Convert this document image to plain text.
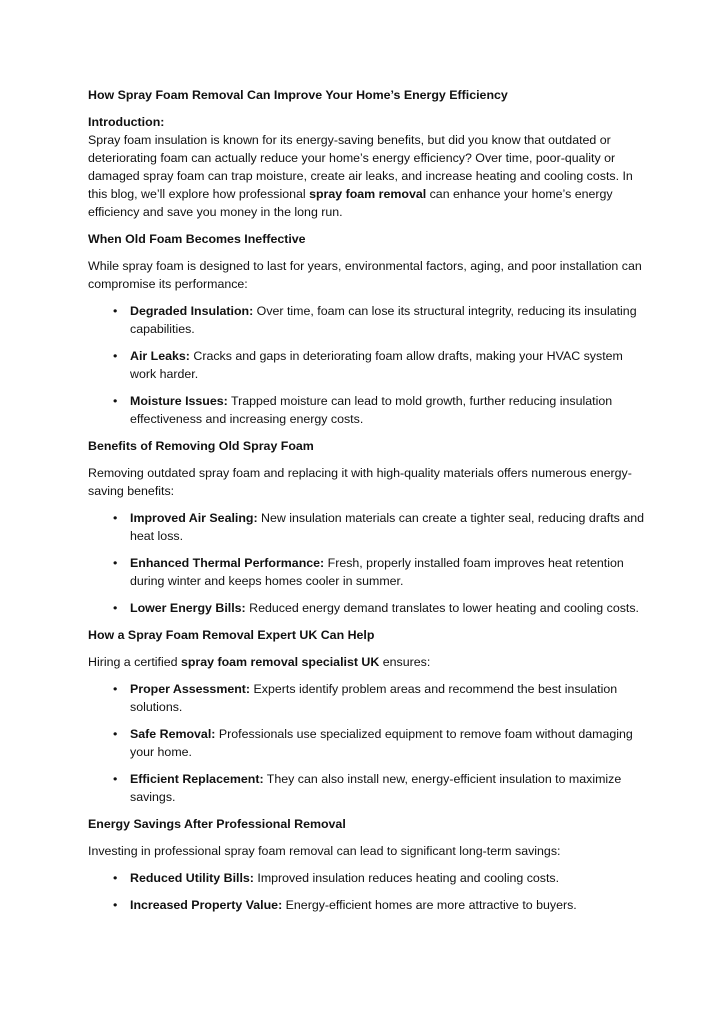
How Spray Foam Removal Can Improve Your Home’s Energy Efficiency
Introduction:

Spray foam insulation is known for its energy-saving benefits, but did you know that outdated or deteriorating foam can actually reduce your home’s energy efficiency? Over time, poor-quality or damaged spray foam can trap moisture, create air leaks, and increase heating and cooling costs. In this blog, we’ll explore how professional spray foam removal can enhance your home’s energy efficiency and save you money in the long run.

When Old Foam Becomes Ineffective

While spray foam is designed to last for years, environmental factors, aging, and poor installation can compromise its performance:

• Degraded Insulation: Over time, foam can lose its structural integrity, reducing its insulating capabilities.
• Air Leaks: Cracks and gaps in deteriorating foam allow drafts, making your HVAC system work harder.
• Moisture Issues: Trapped moisture can lead to mold growth, further reducing insulation effectiveness and increasing energy costs.
Benefits of Removing Old Spray Foam

Removing outdated spray foam and replacing it with high-quality materials offers numerous energy-saving benefits:

• Improved Air Sealing: New insulation materials can create a tighter seal, reducing drafts and heat loss.
• Enhanced Thermal Performance: Fresh, properly installed foam improves heat retention during winter and keeps homes cooler in summer.
• Lower Energy Bills: Reduced energy demand translates to lower heating and cooling costs.
How a Spray Foam Removal Expert UK Can Help

Hiring a certified spray foam removal specialist UK ensures:

• Proper Assessment: Experts identify problem areas and recommend the best insulation solutions.
• Safe Removal: Professionals use specialized equipment to remove foam without damaging your home.
• Efficient Replacement: They can also install new, energy-efficient insulation to maximize savings.
Energy Savings After Professional Removal

Investing in professional spray foam removal can lead to significant long-term savings:

• Reduced Utility Bills: Improved insulation reduces heating and cooling costs.
• Increased Property Value: Energy-efficient homes are more attractive to buyers.
